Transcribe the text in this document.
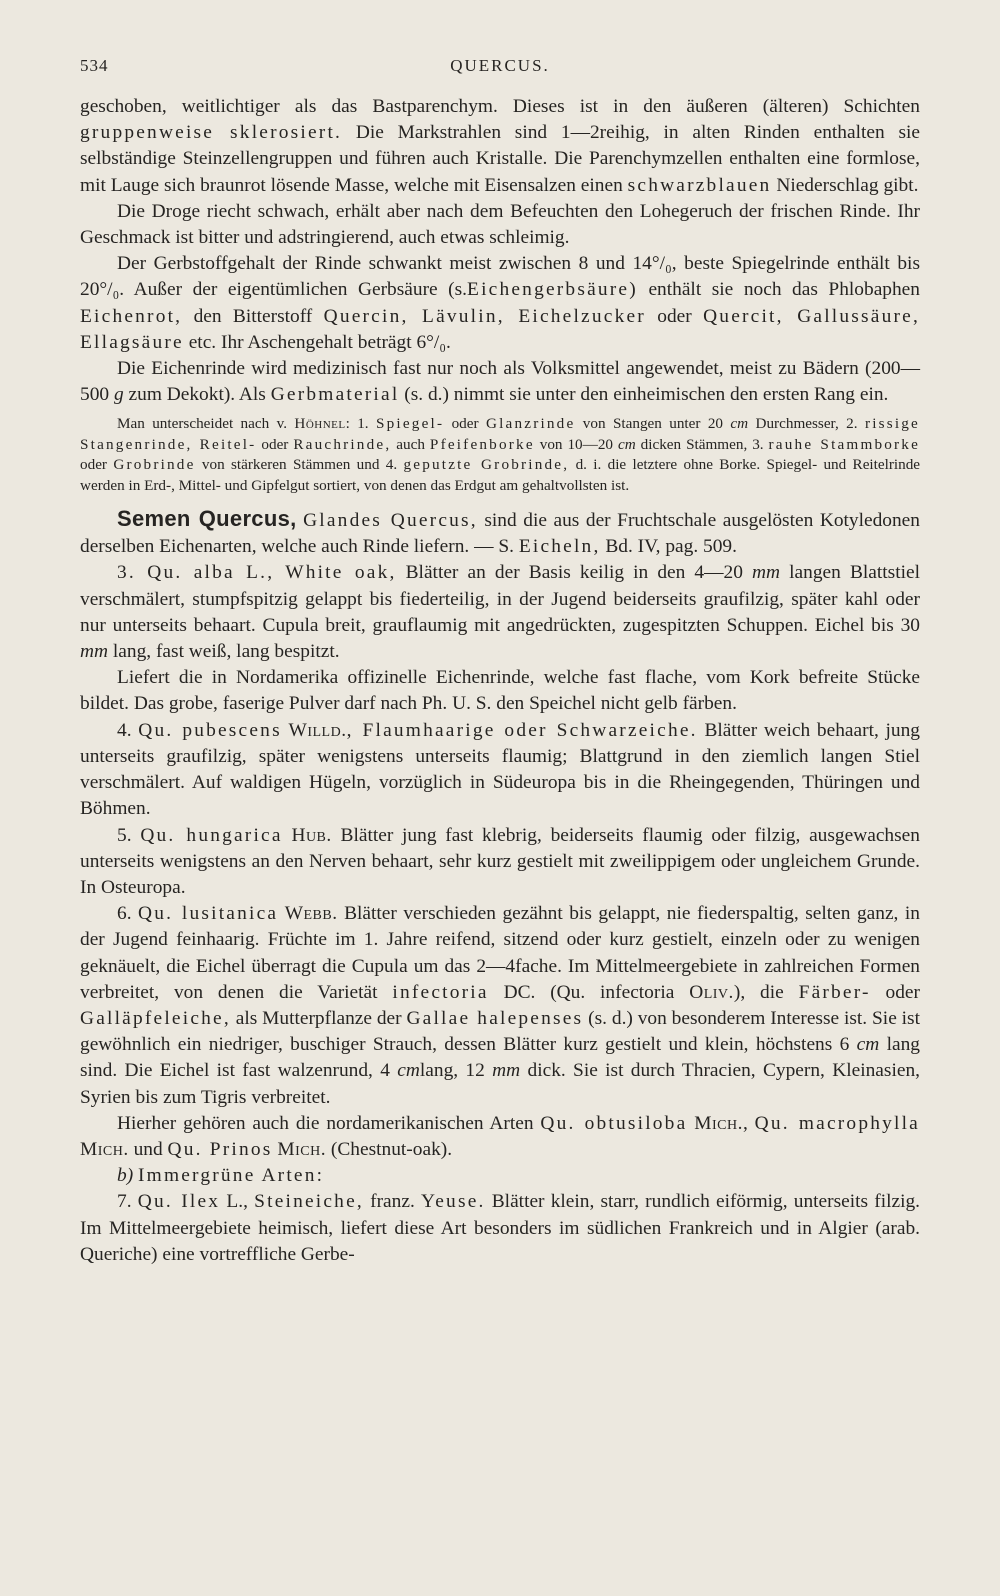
534	QUERCUS.

geschoben, weitlichtiger als das Bastparenchym. Dieses ist in den äußeren (älteren) Schichten gruppenweise sklerosiert. Die Markstrahlen sind 1—2reihig, in alten Rinden enthalten sie selbständige Steinzellengruppen und führen auch Kristalle. Die Parenchymzellen enthalten eine formlose, mit Lauge sich braunrot lösende Masse, welche mit Eisensalzen einen schwarzblauen Niederschlag gibt.

Die Droge riecht schwach, erhält aber nach dem Befeuchten den Lohegeruch der frischen Rinde. Ihr Geschmack ist bitter und adstringierend, auch etwas schleimig.

Der Gerbstoffgehalt der Rinde schwankt meist zwischen 8 und 14°/₀, beste Spiegelrinde enthält bis 20°/₀. Außer der eigentümlichen Gerbsäure (s.Eichengerbsäure) enthält sie noch das Phlobaphen Eichenrot, den Bitterstoff Quercin, Lävulin, Eichelzucker oder Quercit, Gallussäure, Ellagsäure etc. Ihr Aschengehalt beträgt 6°/₀.

Die Eichenrinde wird medizinisch fast nur noch als Volksmittel angewendet, meist zu Bädern (200—500 g zum Dekokt). Als Gerbmaterial (s. d.) nimmt sie unter den einheimischen den ersten Rang ein.

Man unterscheidet nach v. Höhnel: 1. Spiegel- oder Glanzrinde von Stangen unter 20 cm Durchmesser, 2. rissige Stangenrinde, Reitel- oder Rauchrinde, auch Pfeifenborke von 10—20 cm dicken Stämmen, 3. rauhe Stammborke oder Grobrinde von stärkeren Stämmen und 4. geputzte Grobrinde, d. i. die letztere ohne Borke. Spiegel- und Reitelrinde werden in Erd-, Mittel- und Gipfelgut sortiert, von denen das Erdgut am gehaltvollsten ist.

Semen Quercus, Glandes Quercus, sind die aus der Fruchtschale ausgelösten Kotyledonen derselben Eichenarten, welche auch Rinde liefern. — S. Eicheln, Bd. IV, pag. 509.

3. Qu. alba L., White oak, Blätter an der Basis keilig in den 4—20 mm langen Blattstiel verschmälert, stumpfspitzig gelappt bis fiederteilig, in der Jugend beiderseits graufilzig, später kahl oder nur unterseits behaart. Cupula breit, grauflaumig mit angedrückten, zugespitzten Schuppen. Eichel bis 30 mm lang, fast weiß, lang bespitzt.

Liefert die in Nordamerika offizinelle Eichenrinde, welche fast flache, vom Kork befreite Stücke bildet. Das grobe, faserige Pulver darf nach Ph. U. S. den Speichel nicht gelb färben.

4. Qu. pubescens Willd., Flaumhaarige oder Schwarzeiche. Blätter weich behaart, jung unterseits graufilzig, später wenigstens unterseits flaumig; Blattgrund in den ziemlich langen Stiel verschmälert. Auf waldigen Hügeln, vorzüglich in Südeuropa bis in die Rheingegenden, Thüringen und Böhmen.

5. Qu. hungarica Hub. Blätter jung fast klebrig, beiderseits flaumig oder filzig, ausgewachsen unterseits wenigstens an den Nerven behaart, sehr kurz gestielt mit zweilippigem oder ungleichem Grunde. In Osteuropa.

6. Qu. lusitanica Webb. Blätter verschieden gezähnt bis gelappt, nie fiederspaltig, selten ganz, in der Jugend feinhaarig. Früchte im 1. Jahre reifend, sitzend oder kurz gestielt, einzeln oder zu wenigen geknäuelt, die Eichel überragt die Cupula um das 2—4fache. Im Mittelmeergebiete in zahlreichen Formen verbreitet, von denen die Varietät infectoria DC. (Qu. infectoria Oliv.), die Färber- oder Galläpfeleiche, als Mutterpflanze der Gallae halepenses (s. d.) von besonderem Interesse ist. Sie ist gewöhnlich ein niedriger, buschiger Strauch, dessen Blätter kurz gestielt und klein, höchstens 6 cm lang sind. Die Eichel ist fast walzenrund, 4 cmlang, 12 mm dick. Sie ist durch Thracien, Cypern, Kleinasien, Syrien bis zum Tigris verbreitet.

Hierher gehören auch die nordamerikanischen Arten Qu. obtusiloba Mich., Qu. macrophylla Mich. und Qu. Prinos Mich. (Chestnut-oak).

b) Immergrüne Arten:

7. Qu. Ilex L., Steineiche, franz. Yeuse. Blätter klein, starr, rundlich eiförmig, unterseits filzig. Im Mittelmeergebiete heimisch, liefert diese Art besonders im südlichen Frankreich und in Algier (arab. Queriche) eine vortreffliche Gerbe-
